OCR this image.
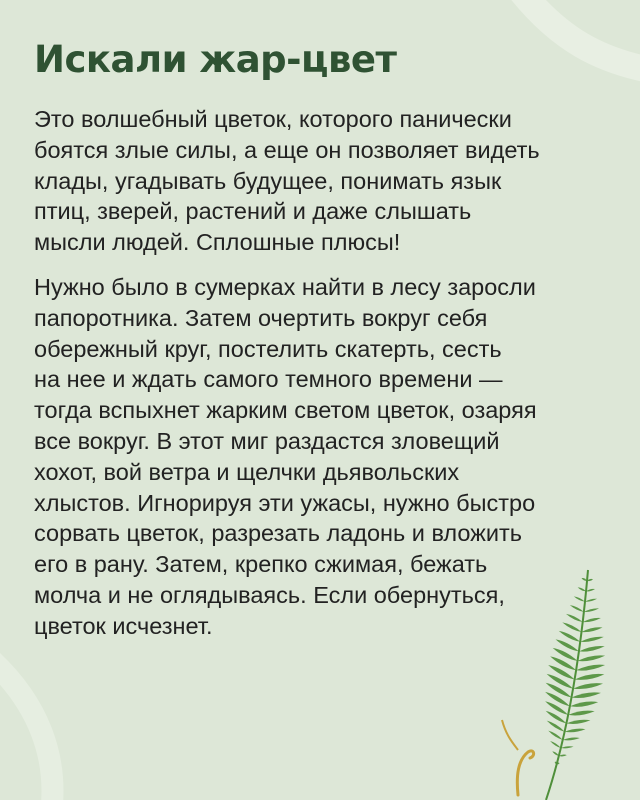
Искали жар-цвет

Это волшебный цветок, которого панически
боятся злые силы, а еще он позволяет видеть
клады, угадывать будущее, понимать язык
птиц, зверей, растений и даже слышать
мысли людей. Сплошные плюсы!

Нужно было в сумерках найти в лесу заросли
папоротника. Затем очертить вокруг себя
обережный круг, постелить скатерть, сесть
на нее и ждать самого темного времени —
тогда вспыхнет жарким светом цветок, озаряя
все вокруг. В этот миг раздастся зловещий
хохот, вой ветра и щелчки дьявольских
хлыстов. Игнорируя эти ужасы, нужно быстро
сорвать цветок, разрезать ладонь и вложить
его в рану. Затем, крепко сжимая, бежать
молча и не оглядываясь. Если обернуться,
цветок исчезнет.
